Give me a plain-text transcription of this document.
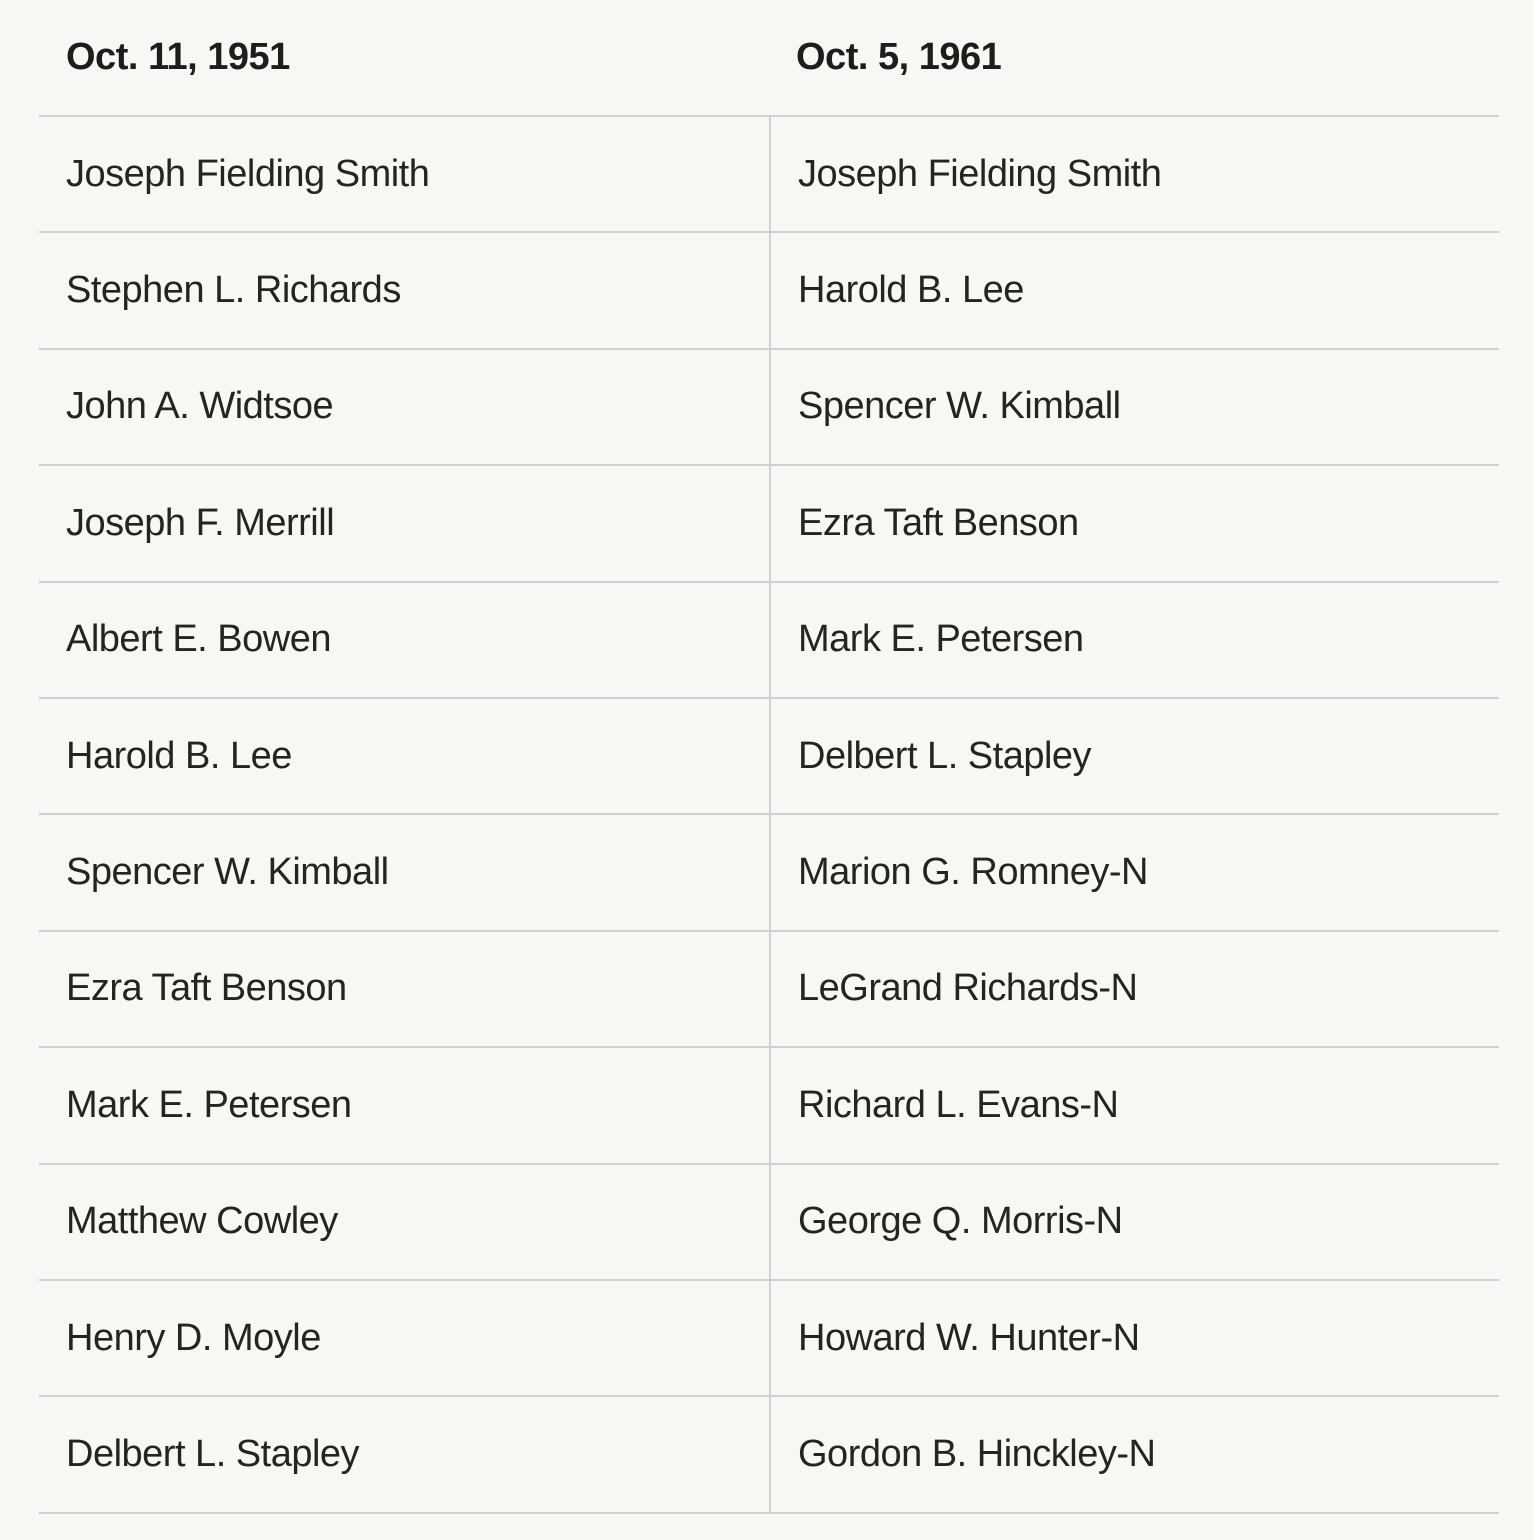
Oct. 11, 1951	Oct. 5, 1961
Joseph Fielding Smith	Joseph Fielding Smith
Stephen L. Richards	Harold B. Lee
John A. Widtsoe	Spencer W. Kimball
Joseph F. Merrill	Ezra Taft Benson
Albert E. Bowen	Mark E. Petersen
Harold B. Lee	Delbert L. Stapley
Spencer W. Kimball	Marion G. Romney-N
Ezra Taft Benson	LeGrand Richards-N
Mark E. Petersen	Richard L. Evans-N
Matthew Cowley	George Q. Morris-N
Henry D. Moyle	Howard W. Hunter-N
Delbert L. Stapley	Gordon B. Hinckley-N
